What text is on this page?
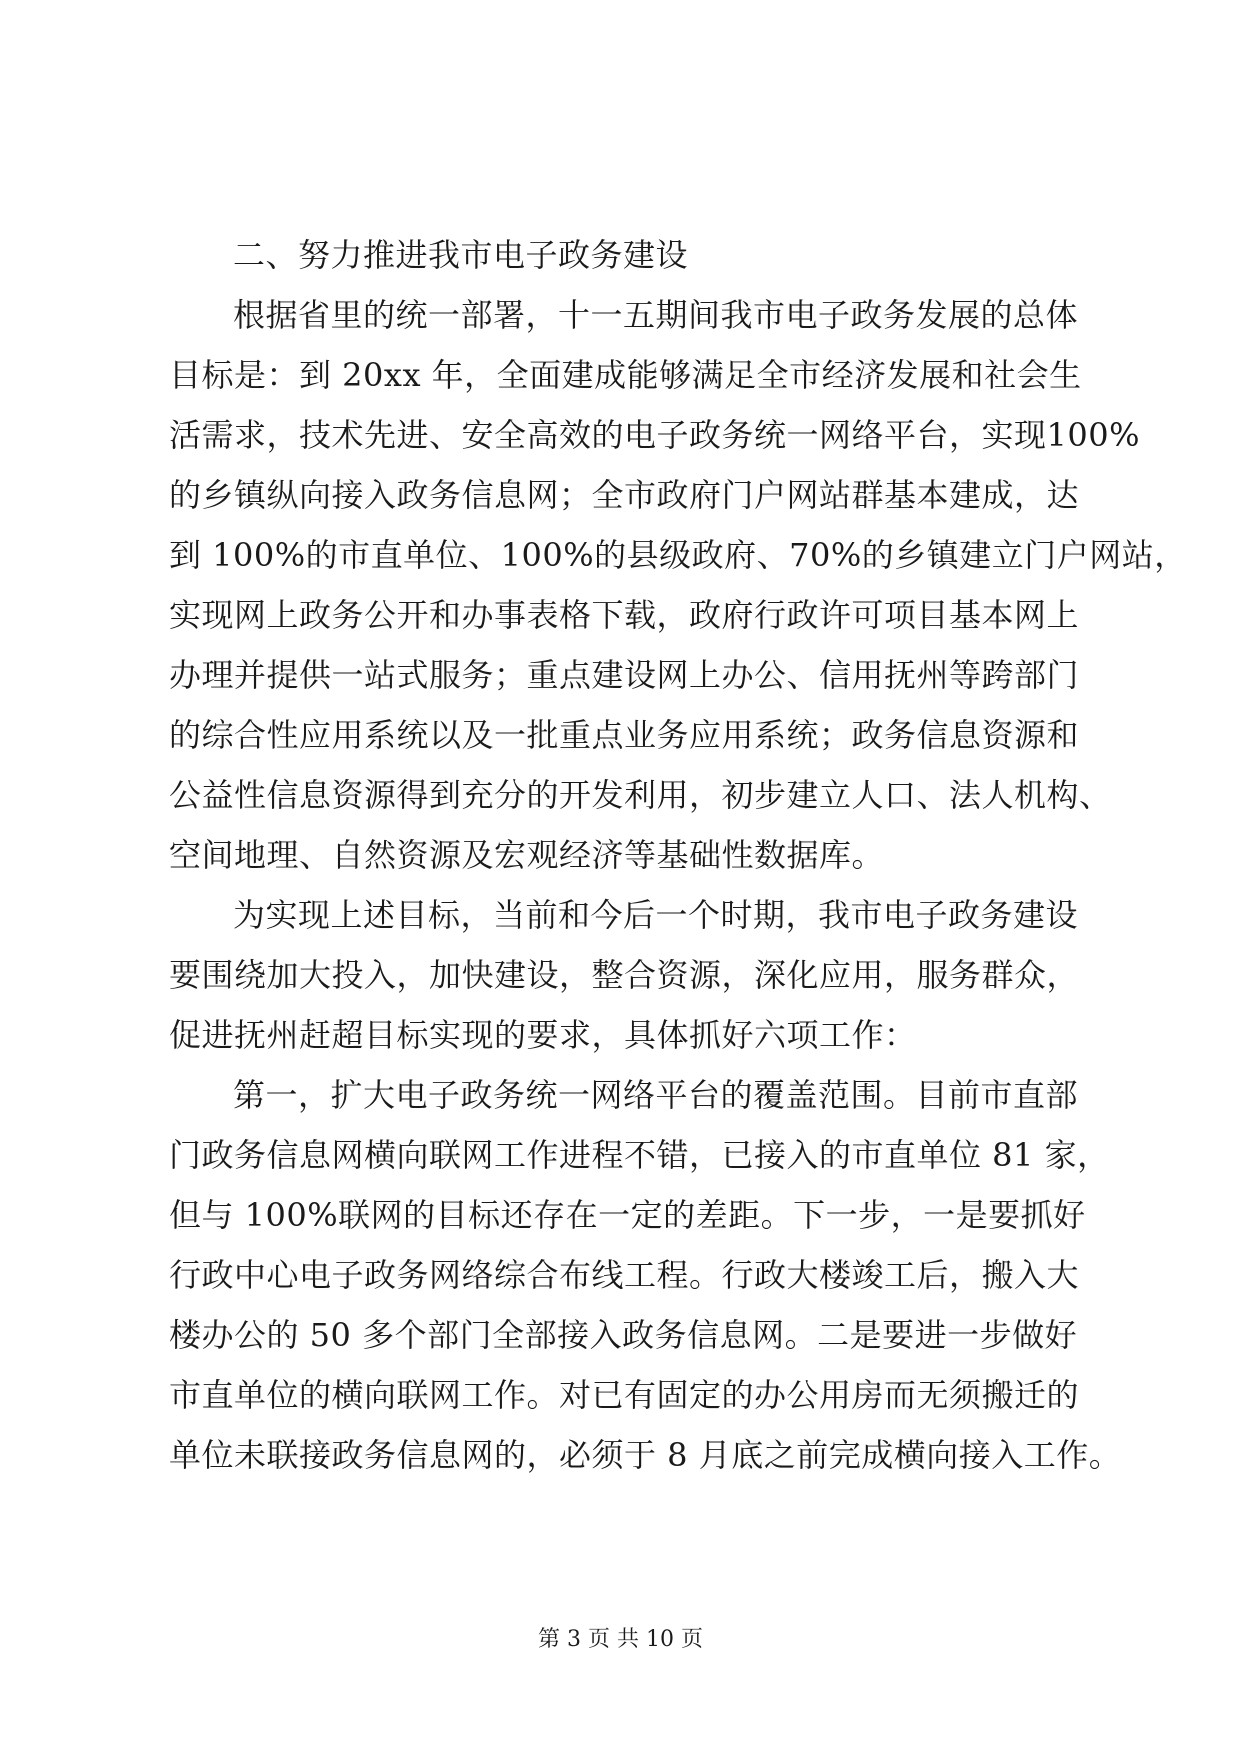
二、努力推进我市电子政务建设
根据省里的统一部署，十一五期间我市电子政务发展的总体
目标是：到 20xx 年，全面建成能够满足全市经济发展和社会生
活需求，技术先进、安全高效的电子政务统一网络平台，实现100%
的乡镇纵向接入政务信息网；全市政府门户网站群基本建成，达
到 100%的市直单位、100%的县级政府、70%的乡镇建立门户网站，
实现网上政务公开和办事表格下载，政府行政许可项目基本网上
办理并提供一站式服务；重点建设网上办公、信用抚州等跨部门
的综合性应用系统以及一批重点业务应用系统；政务信息资源和
公益性信息资源得到充分的开发利用，初步建立人口、法人机构、
空间地理、自然资源及宏观经济等基础性数据库。
为实现上述目标，当前和今后一个时期，我市电子政务建设
要围绕加大投入，加快建设，整合资源，深化应用，服务群众，
促进抚州赶超目标实现的要求，具体抓好六项工作：
第一，扩大电子政务统一网络平台的覆盖范围。目前市直部
门政务信息网横向联网工作进程不错，已接入的市直单位 81 家，
但与 100%联网的目标还存在一定的差距。下一步，一是要抓好
行政中心电子政务网络综合布线工程。行政大楼竣工后，搬入大
楼办公的 50 多个部门全部接入政务信息网。二是要进一步做好
市直单位的横向联网工作。对已有固定的办公用房而无须搬迁的
单位未联接政务信息网的，必须于 8 月底之前完成横向接入工作。
第 3 页 共 10 页
